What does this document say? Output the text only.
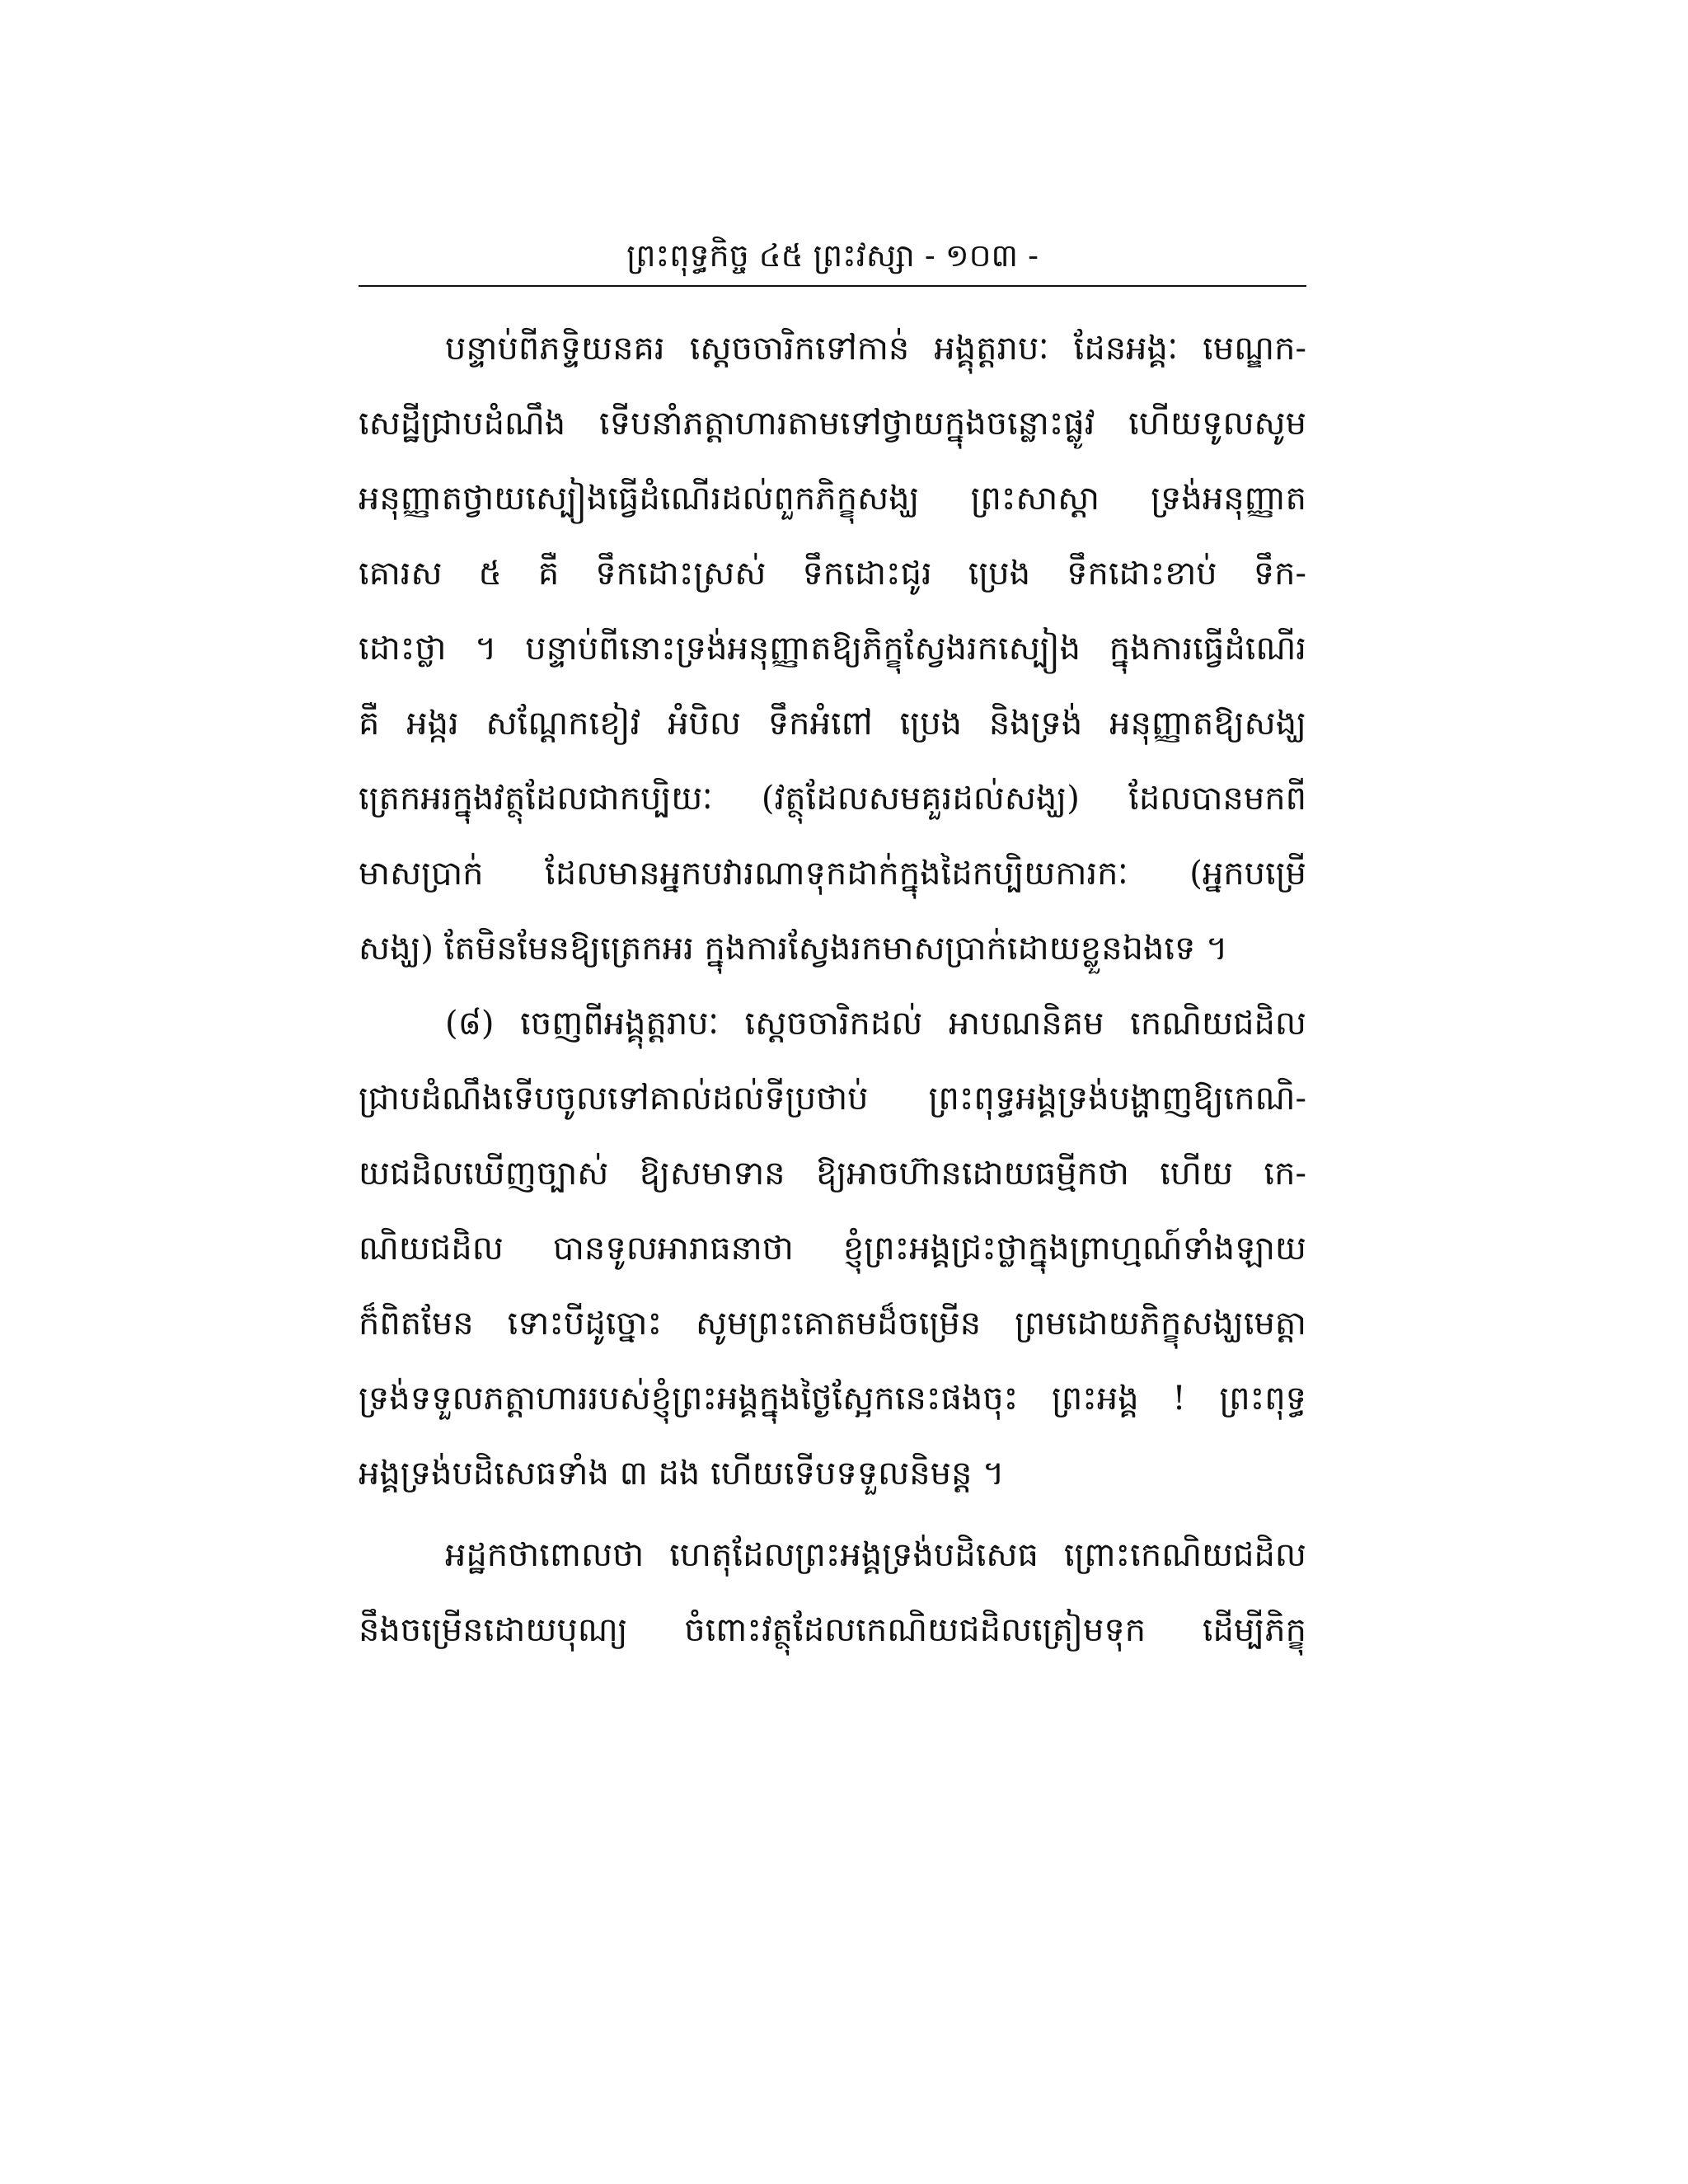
ព្រះពុទ្ធកិច្ច ៤៥ ព្រះវស្សា - ១០៣ -
បន្ទាប់ពីភទ្ទិយនគរ ស្តេចចារិកទៅកាន់ អង្គុត្តរាបៈ ដែនអង្គៈ មេណ្ឌក-
សេដ្ឋីជ្រាបដំណឹង ទើបនាំភត្តាហារតាមទៅថ្វាយក្នុងចន្លោះផ្លូវ ហើយទូលសូម
អនុញ្ញាតថ្វាយស្បៀងធ្វើដំណើរដល់ពួកភិក្ខុសង្ឃ ព្រះសាស្តា ទ្រង់អនុញ្ញាត
គោរស ៥ គឺ ទឹកដោះស្រស់ ទឹកដោះជូរ ប្រេង ទឹកដោះខាប់ ទឹក-
ដោះថ្លា ។ បន្ទាប់ពីនោះទ្រង់អនុញ្ញាតឱ្យភិក្ខុស្វែងរកស្បៀង ក្នុងការធ្វើដំណើរ
គឺ អង្ករ សណ្តែកខៀវ អំបិល ទឹកអំពៅ ប្រេង និងទ្រង់ អនុញ្ញាតឱ្យសង្ឃ
ត្រេកអរក្នុងវត្ថុដែលជាកប្បិយៈ (វត្ថុដែលសមគួរដល់សង្ឃ) ដែលបានមកពី
មាសប្រាក់ ដែលមានអ្នកបវារណាទុកដាក់ក្នុងដៃកប្បិយការកៈ (អ្នកបម្រើ
សង្ឃ) តែមិនមែនឱ្យត្រេកអរ ក្នុងការស្វែងរកមាសប្រាក់ដោយខ្លួនឯងទេ ។
(៨) ចេញពីអង្គុត្តរាបៈ ស្តេចចារិកដល់ អាបណនិគម កេណិយជដិល
ជ្រាបដំណឹងទើបចូលទៅគាល់ដល់ទីប្រថាប់ ព្រះពុទ្ធអង្គទ្រង់បង្ហាញឱ្យកេណិ-
យជដិលឃើញច្បាស់ ឱ្យសមាទាន ឱ្យអាចហ៊ានដោយធម្មីកថា ហើយ កេ-
ណិយជដិល បានទូលអារាធនាថា ខ្ញុំព្រះអង្គជ្រះថ្លាក្នុងព្រាហ្មណ៍ទាំងឡាយ
ក៏ពិតមែន ទោះបីដូច្នោះ សូមព្រះគោតមដ៏ចម្រើន ព្រមដោយភិក្ខុសង្ឃមេត្តា
ទ្រង់ទទួលភត្តាហាររបស់ខ្ញុំព្រះអង្គក្នុងថ្ងៃស្អែកនេះផងចុះ ព្រះអង្គ ! ព្រះពុទ្ធ
អង្គទ្រង់បដិសេធទាំង ៣ ដង ហើយទើបទទួលនិមន្ត ។
អដ្ឋកថាពោលថា ហេតុដែលព្រះអង្គទ្រង់បដិសេធ ព្រោះកេណិយជដិល
នឹងចម្រើនដោយបុណ្យ ចំពោះវត្ថុដែលកេណិយជដិលត្រៀមទុក ដើម្បីភិក្ខុ
